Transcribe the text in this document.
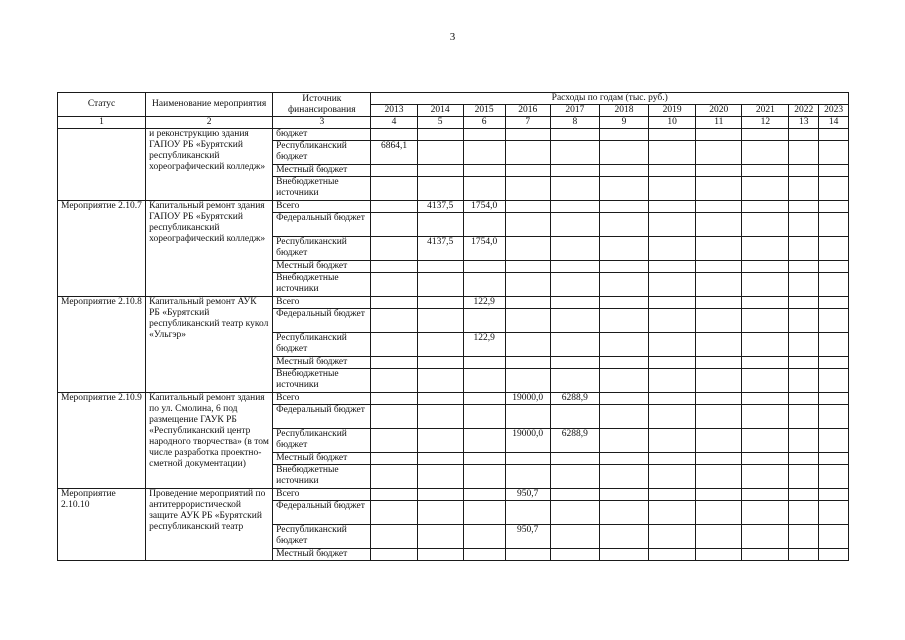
3
Статус	Наименование мероприятия	Источник финансирования	Расходы по годам (тыс. руб.)										
			2013	2014	2015	2016	2017	2018	2019	2020	2021	2022	2023
1	2	3	4	5	6	7	8	9	10	11	12	13	14
	и реконструкцию здания ГАПОУ РБ «Бурятский республиканский хореографический колледж»	бюджет											
		Республиканский бюджет	6864,1										
		Местный бюджет											
		Внебюджетные источники											
Мероприятие 2.10.7	Капитальный ремонт здания ГАПОУ РБ «Бурятский республиканский хореографический колледж»	Всего		4137,5	1754,0								
		Федеральный бюджет											
		Республиканский бюджет		4137,5	1754,0								
		Местный бюджет											
		Внебюджетные источники											
Мероприятие 2.10.8	Капитальный ремонт АУК РБ «Бурятский республиканский театр кукол «Ульгэр»	Всего			122,9								
		Федеральный бюджет											
		Республиканский бюджет			122,9								
		Местный бюджет											
		Внебюджетные источники											
Мероприятие 2.10.9	Капитальный ремонт здания по ул. Смолина, 6 под размещение ГАУК РБ «Республиканский центр народного творчества» (в том числе разработка проектно-сметной документации)	Всего				19000,0	6288,9						
		Федеральный бюджет											
		Республиканский бюджет				19000,0	6288,9						
		Местный бюджет											
		Внебюджетные источники											
Мероприятие 2.10.10	Проведение мероприятий по антитеррористической защите АУК РБ «Бурятский республиканский театр	Всего				950,7							
		Федеральный бюджет											
		Республиканский бюджет				950,7							
		Местный бюджет											
